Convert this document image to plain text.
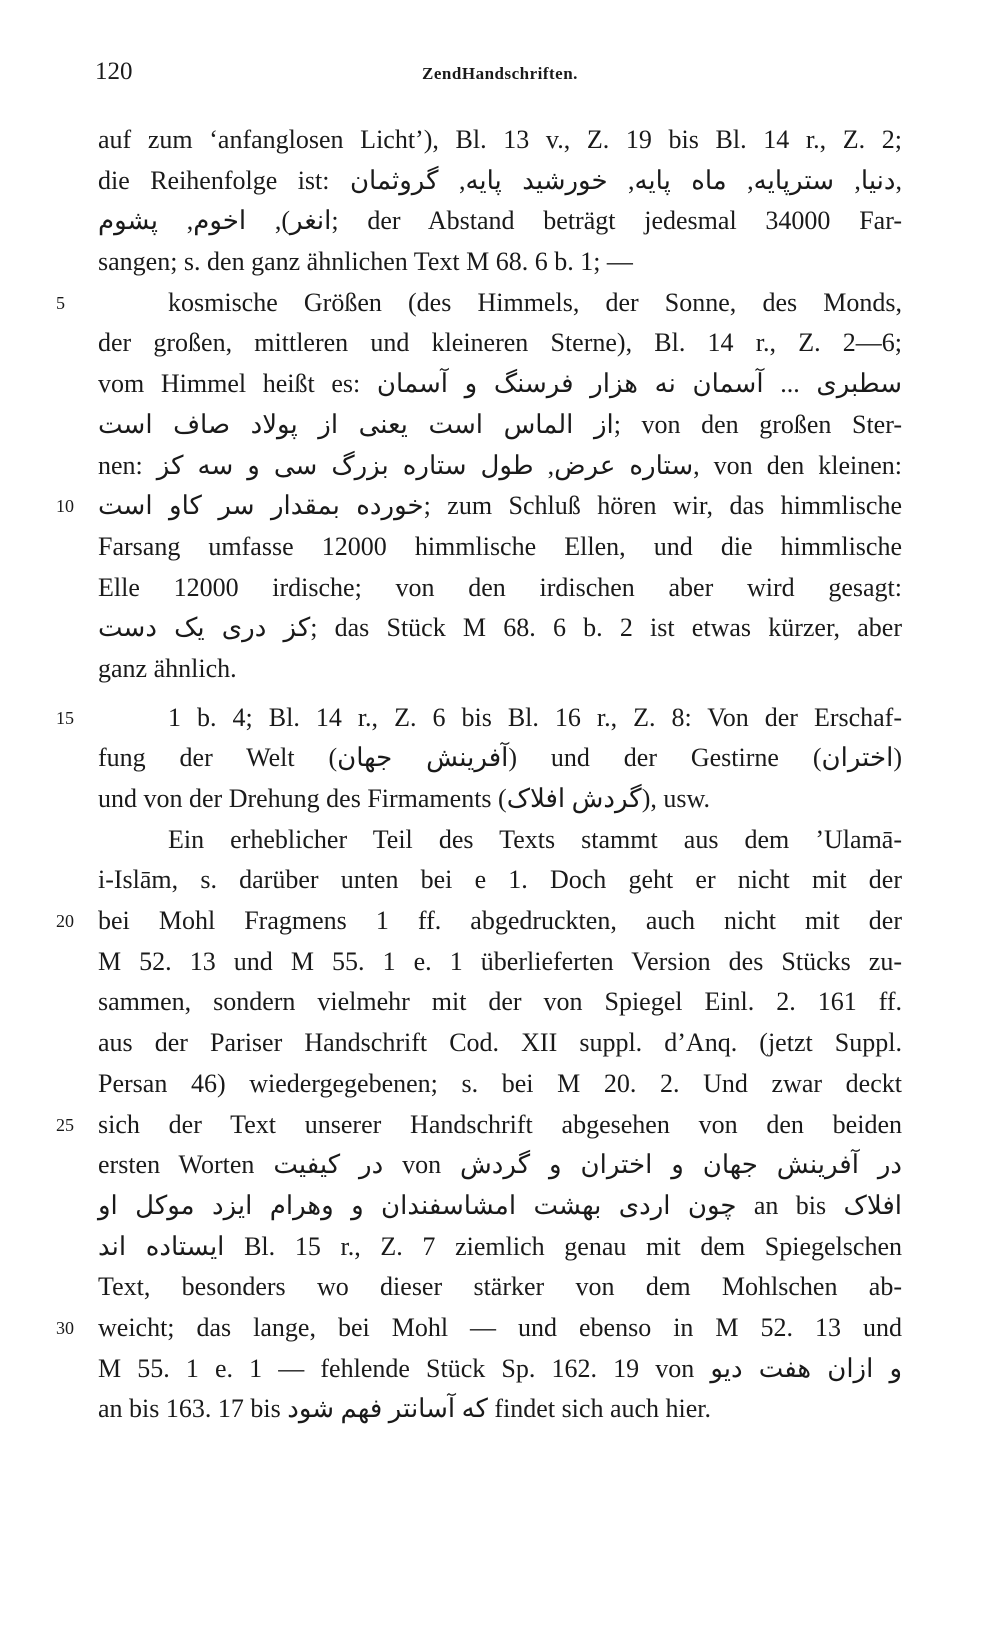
120	ZendHandschriften.
auf zum ‘anfanglosen Licht’), Bl. 13 v., Z. 19 bis Bl. 14 r., Z. 2;
die Reihenfolge ist: دنیا, سترپایه, ماه پایه, خورشید پایه, گروثمان,
انغر), اخوم, پشوم; der Abstand beträgt jedesmal 34000 Far-
sangen; s. den ganz ähnlichen Text M 68. 6 b. 1; —
5	kosmische Größen (des Himmels, der Sonne, des Monds,
der großen, mittleren und kleineren Sterne), Bl. 14 r., Z. 2—6;
vom Himmel heißt es: سطبری ... آسمان نه هزار فرسنگ و آسمان
از الماس است یعنی از پولاد صاف است; von den großen Ster-
nen: ستاره عرض, طول ستاره بزرگ سی و سه کز, von den kleinen:
10 خورده بمقدار سر کاو است; zum Schluß hören wir, das himmlische
Farsang umfasse 12000 himmlische Ellen, und die himmlische
Elle 12000 irdische; von den irdischen aber wird gesagt:
کز دری یک دست; das Stück M 68. 6 b. 2 ist etwas kürzer, aber
ganz ähnlich.
15	1 b. 4; Bl. 14 r., Z. 6 bis Bl. 16 r., Z. 8: Von der Erschaf-
fung der Welt (آفرینش جهان) und der Gestirne (اختران)
und von der Drehung des Firmaments (گردش افلاک), usw.
Ein erheblicher Teil des Texts stammt aus dem ’Ulamā-
i-Islām, s. darüber unten bei e 1. Doch geht er nicht mit der
20 bei Mohl Fragmens 1 ff. abgedruckten, auch nicht mit der
M 52. 13 und M 55. 1 e. 1 überlieferten Version des Stücks zu-
sammen, sondern vielmehr mit der von Spiegel Einl. 2. 161 ff.
aus der Pariser Handschrift Cod. XII suppl. d’Anq. (jetzt Suppl.
Persan 46) wiedergegebenen; s. bei M 20. 2. Und zwar deckt
25 sich der Text unserer Handschrift abgesehen von den beiden
ersten Worten در کیفیت von در آفرینش جهان و اختران و گردش
چون اردی بهشت امشاسفندان و وهرام ایزد موکل او an bis افلاک
ایستاده اند Bl. 15 r., Z. 7 ziemlich genau mit dem Spiegelschen
Text, besonders wo dieser stärker von dem Mohlschen ab-
30 weicht; das lange, bei Mohl — und ebenso in M 52. 13 und
M 55. 1 e. 1 — fehlende Stück Sp. 162. 19 von و ازان هفت دیو
an bis 163. 17 bis که آسانتر فهم شود findet sich auch hier.
